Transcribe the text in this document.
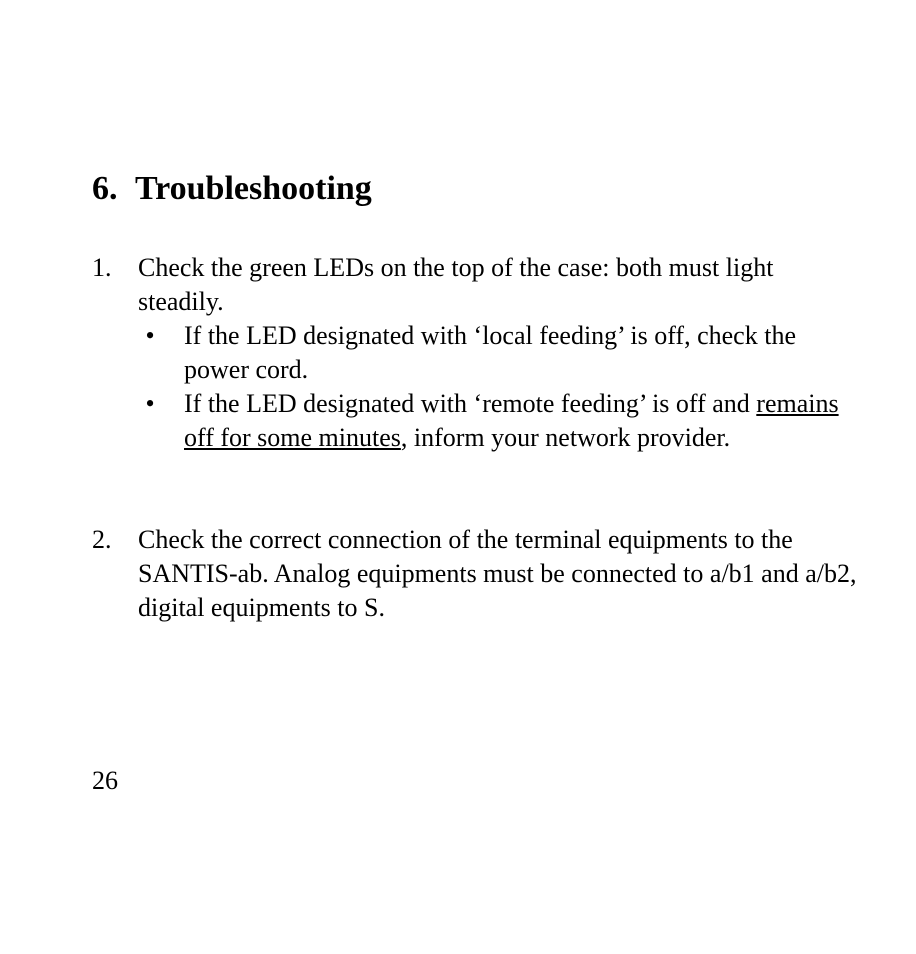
6. Troubleshooting
1.	Check the green LEDs on the top of the case: both must light steadily.
• If the LED designated with ‘local feeding’ is off, check the power cord.
• If the LED designated with ‘remote feeding’ is off and remains off for some minutes, inform your network provider.
2.	Check the correct connection of the terminal equipments to the SANTIS-ab. Analog equipments must be connected to a/b1 and a/b2, digital equipments to S.
26
